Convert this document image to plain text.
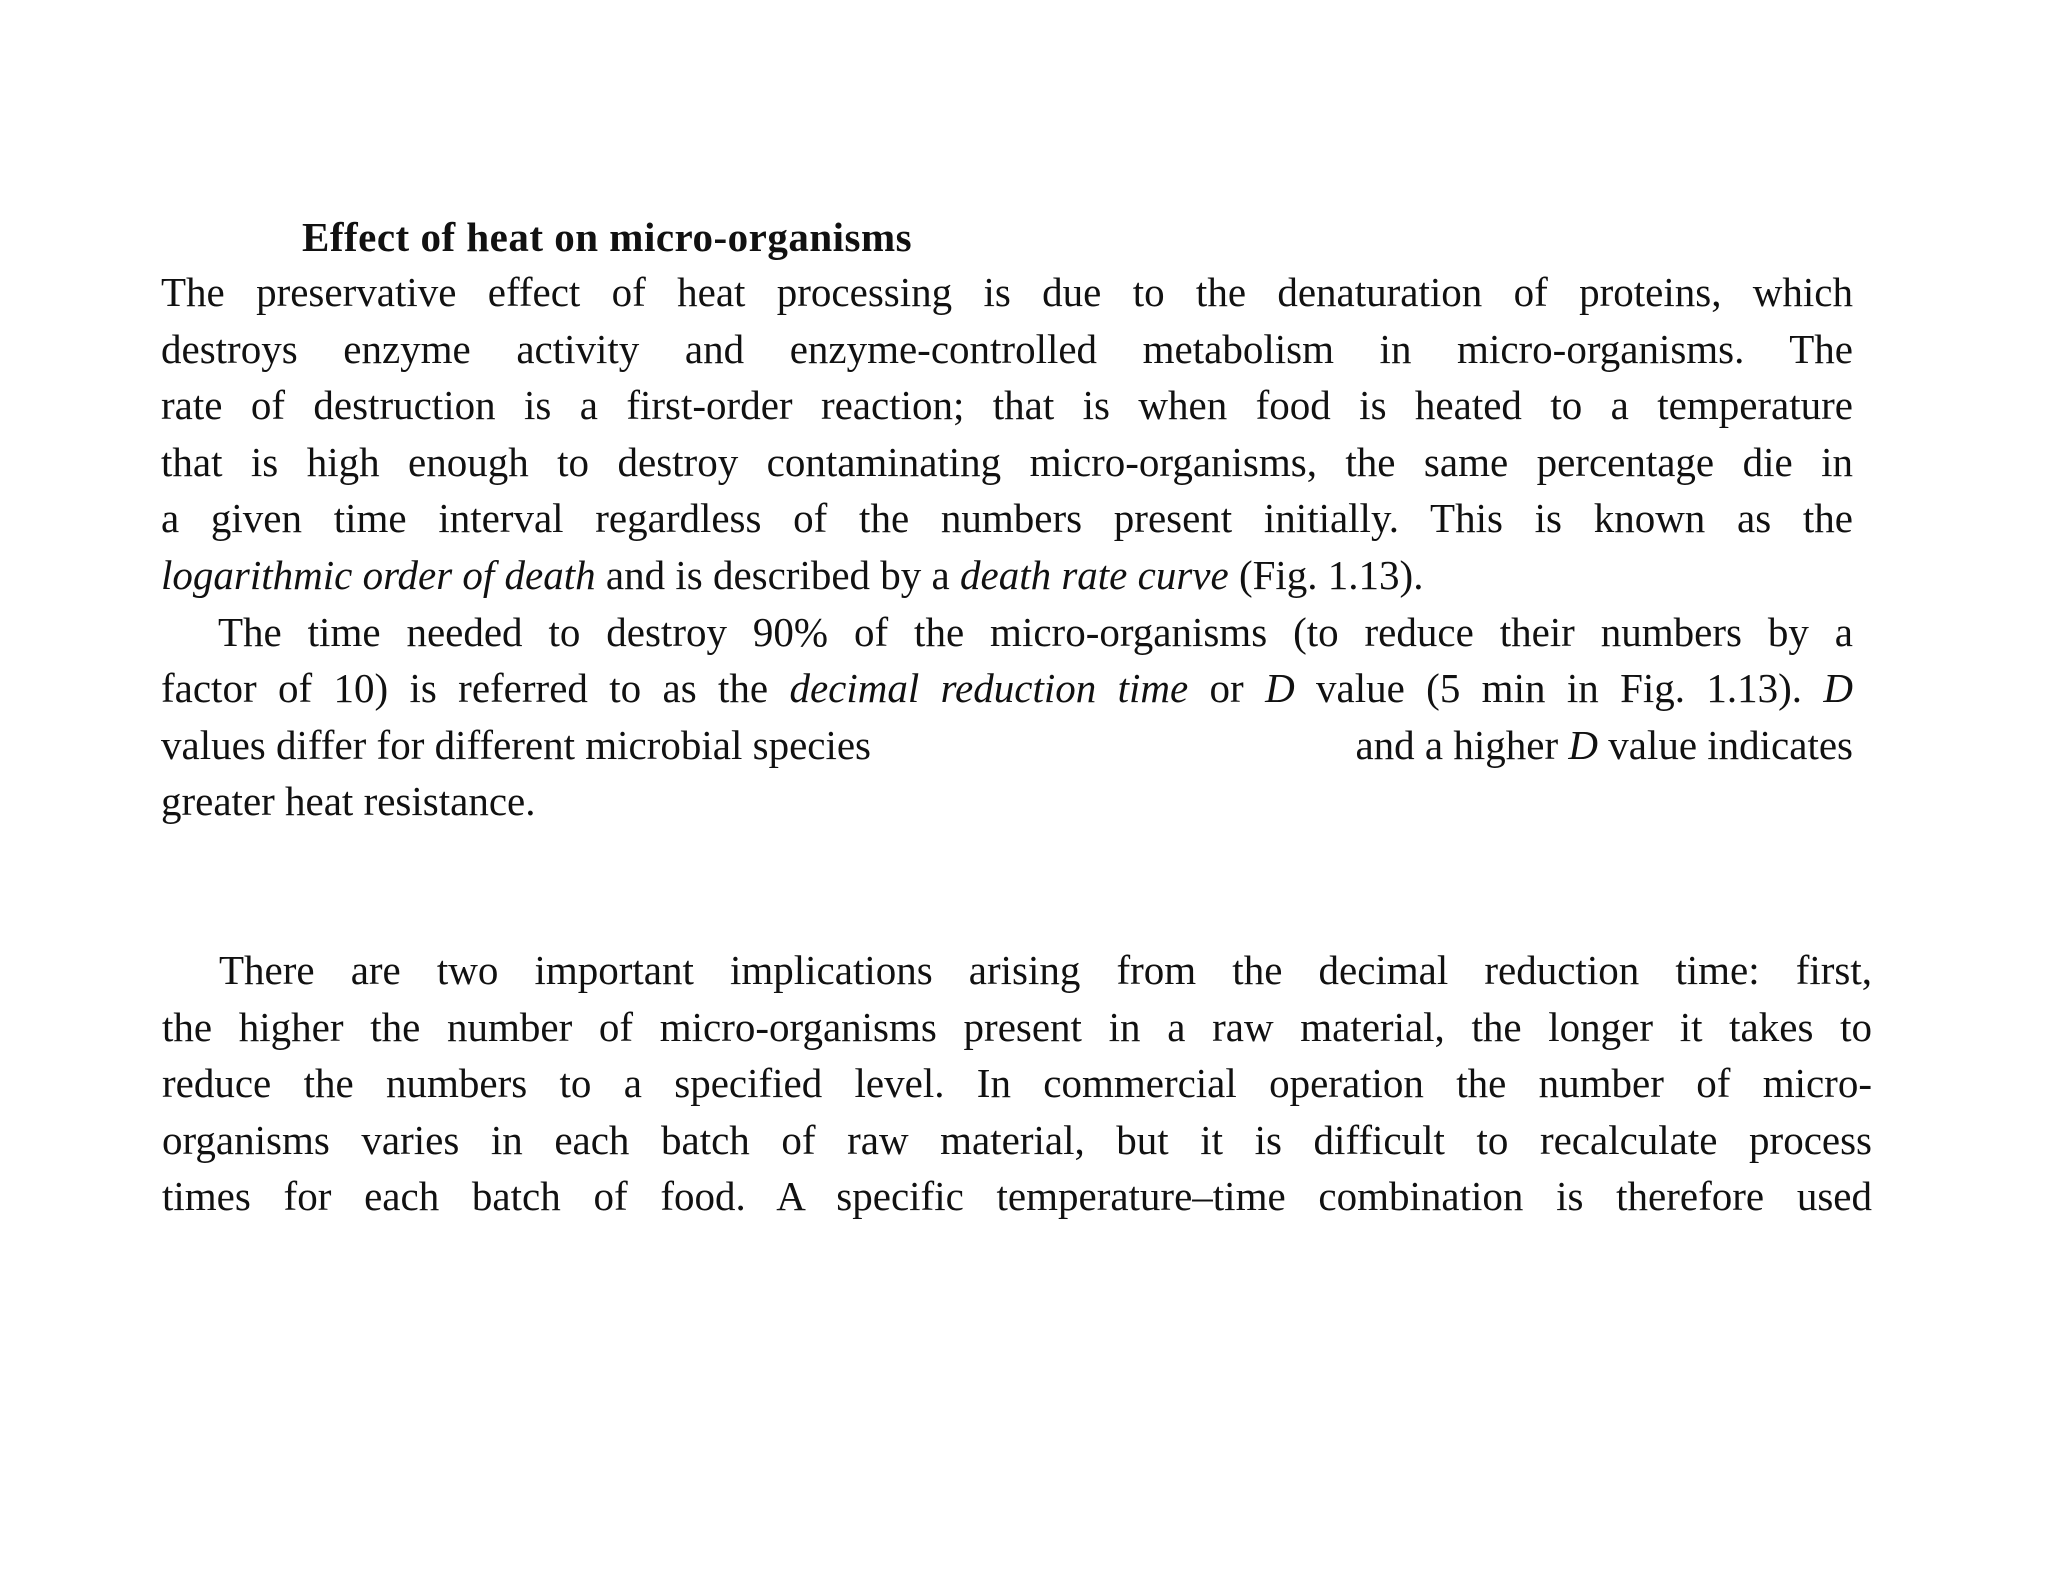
Effect of heat on micro-organisms
The preservative effect of heat processing is due to the denaturation of proteins, which
destroys enzyme activity and enzyme-controlled metabolism in micro-organisms. The
rate of destruction is a first-order reaction; that is when food is heated to a temperature
that is high enough to destroy contaminating micro-organisms, the same percentage die in
a given time interval regardless of the numbers present initially. This is known as the
logarithmic order of death and is described by a death rate curve (Fig. 1.13).
The time needed to destroy 90% of the micro-organisms (to reduce their numbers by a
factor of 10) is referred to as the decimal reduction time or D value (5 min in Fig. 1.13). D
values differ for different microbial species	and a higher D value indicates
greater heat resistance.
There are two important implications arising from the decimal reduction time: first,
the higher the number of micro-organisms present in a raw material, the longer it takes to
reduce the numbers to a specified level. In commercial operation the number of micro-
organisms varies in each batch of raw material, but it is difficult to recalculate process
times for each batch of food. A specific temperature–time combination is therefore used
